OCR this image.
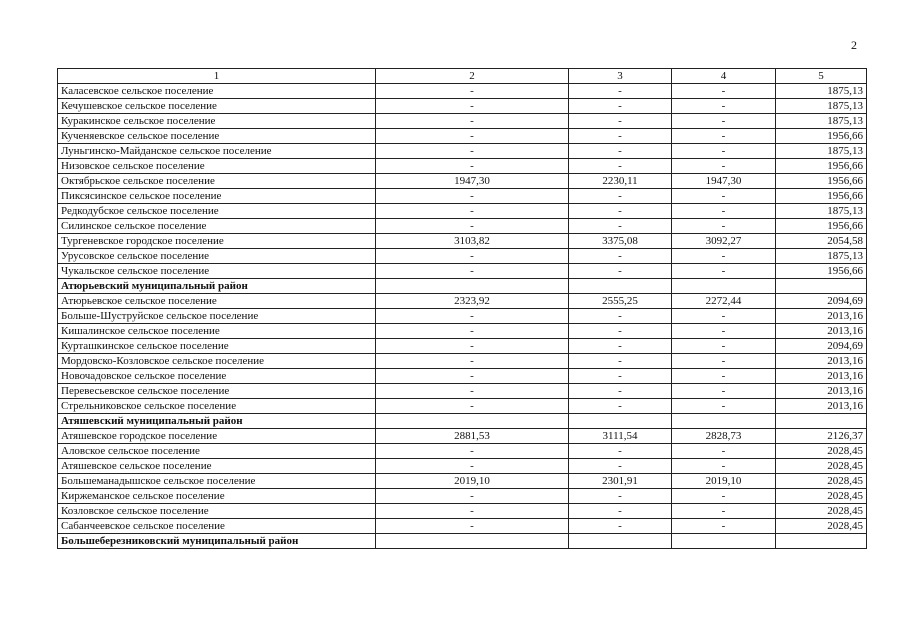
2
1	2	3	4	5
Каласевское сельское поселение	-	-	-	1875,13
Кечушевское сельское поселение	-	-	-	1875,13
Куракинское сельское поселение	-	-	-	1875,13
Кученяевское сельское поселение	-	-	-	1956,66
Луньгинско-Майданское сельское поселение	-	-	-	1875,13
Низовское сельское поселение	-	-	-	1956,66
Октябрьское сельское поселение	1947,30	2230,11	1947,30	1956,66
Пиксясинское сельское поселение	-	-	-	1956,66
Редкодубское сельское поселение	-	-	-	1875,13
Силинское сельское поселение	-	-	-	1956,66
Тургеневское городское поселение	3103,82	3375,08	3092,27	2054,58
Урусовское сельское поселение	-	-	-	1875,13
Чукальское сельское поселение	-	-	-	1956,66
Атюрьевский муниципальный район				
Атюрьевское сельское поселение	2323,92	2555,25	2272,44	2094,69
Больше-Шуструйское сельское поселение	-	-	-	2013,16
Кишалинское сельское поселение	-	-	-	2013,16
Курташкинское сельское поселение	-	-	-	2094,69
Мордовско-Козловское сельское поселение	-	-	-	2013,16
Новочадовское сельское поселение	-	-	-	2013,16
Перевесьевское сельское поселение	-	-	-	2013,16
Стрельниковское сельское поселение	-	-	-	2013,16
Атяшевский муниципальный район				
Атяшевское городское поселение	2881,53	3111,54	2828,73	2126,37
Аловское сельское поселение	-	-	-	2028,45
Атяшевское сельское поселение	-	-	-	2028,45
Большеманадышское сельское поселение	2019,10	2301,91	2019,10	2028,45
Киржеманское сельское поселение	-	-	-	2028,45
Козловское сельское поселение	-	-	-	2028,45
Сабанчеевское сельское поселение	-	-	-	2028,45
Большеберезниковский муниципальный район				
